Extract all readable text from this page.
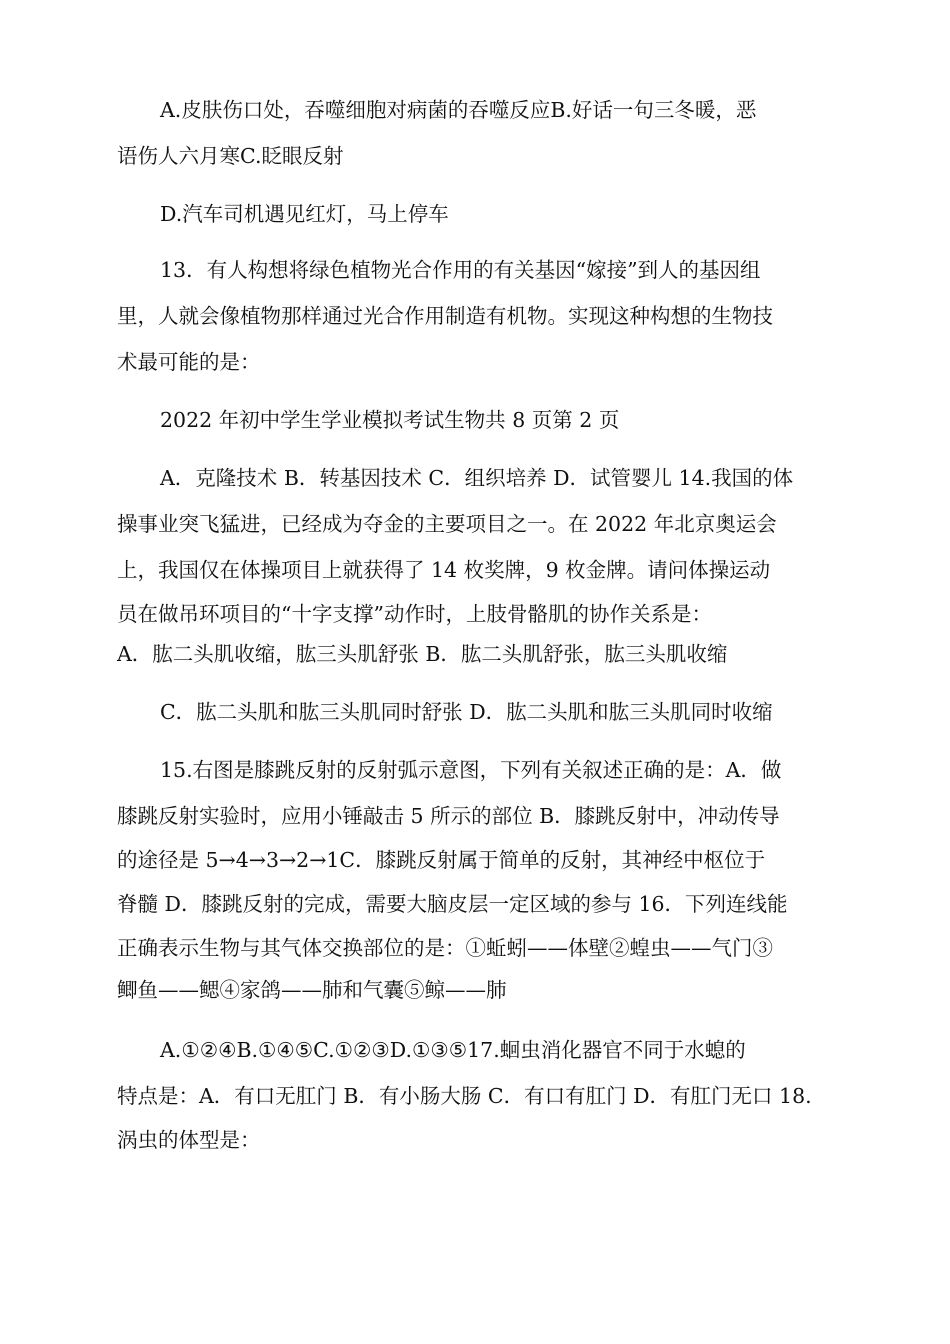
A.皮肤伤口处，吞噬细胞对病菌的吞噬反应B.好话一句三冬暖，恶
语伤人六月寒C.眨眼反射
D.汽车司机遇见红灯，马上停车
13．有人构想将绿色植物光合作用的有关基因“嫁接”到人的基因组
里，人就会像植物那样通过光合作用制造有机物。实现这种构想的生物技
术最可能的是：
2022 年初中学生学业模拟考试生物共 8 页第 2 页
A．克隆技术 B．转基因技术 C．组织培养 D．试管婴儿 14.我国的体
操事业突飞猛进，已经成为夺金的主要项目之一。在 2022 年北京奥运会
上，我国仅在体操项目上就获得了 14 枚奖牌，9 枚金牌。请问体操运动
员在做吊环项目的“十字支撑”动作时，上肢骨骼肌的协作关系是：
A．肱二头肌收缩，肱三头肌舒张 B．肱二头肌舒张，肱三头肌收缩
C．肱二头肌和肱三头肌同时舒张 D．肱二头肌和肱三头肌同时收缩
15.右图是膝跳反射的反射弧示意图，下列有关叙述正确的是：A．做
膝跳反射实验时，应用小锤敲击 5 所示的部位 B．膝跳反射中，冲动传导
的途径是 5→4→3→2→1C．膝跳反射属于简单的反射，其神经中枢位于
脊髓 D．膝跳反射的完成，需要大脑皮层一定区域的参与 16．下列连线能
正确表示生物与其气体交换部位的是：①蚯蚓——体壁②蝗虫——气门③
鲫鱼——鳃④家鸽——肺和气囊⑤鲸——肺
A.①②④B.①④⑤C.①②③D.①③⑤17.蛔虫消化器官不同于水螅的
特点是：A．有口无肛门 B．有小肠大肠 C．有口有肛门 D．有肛门无口 18.
涡虫的体型是：
